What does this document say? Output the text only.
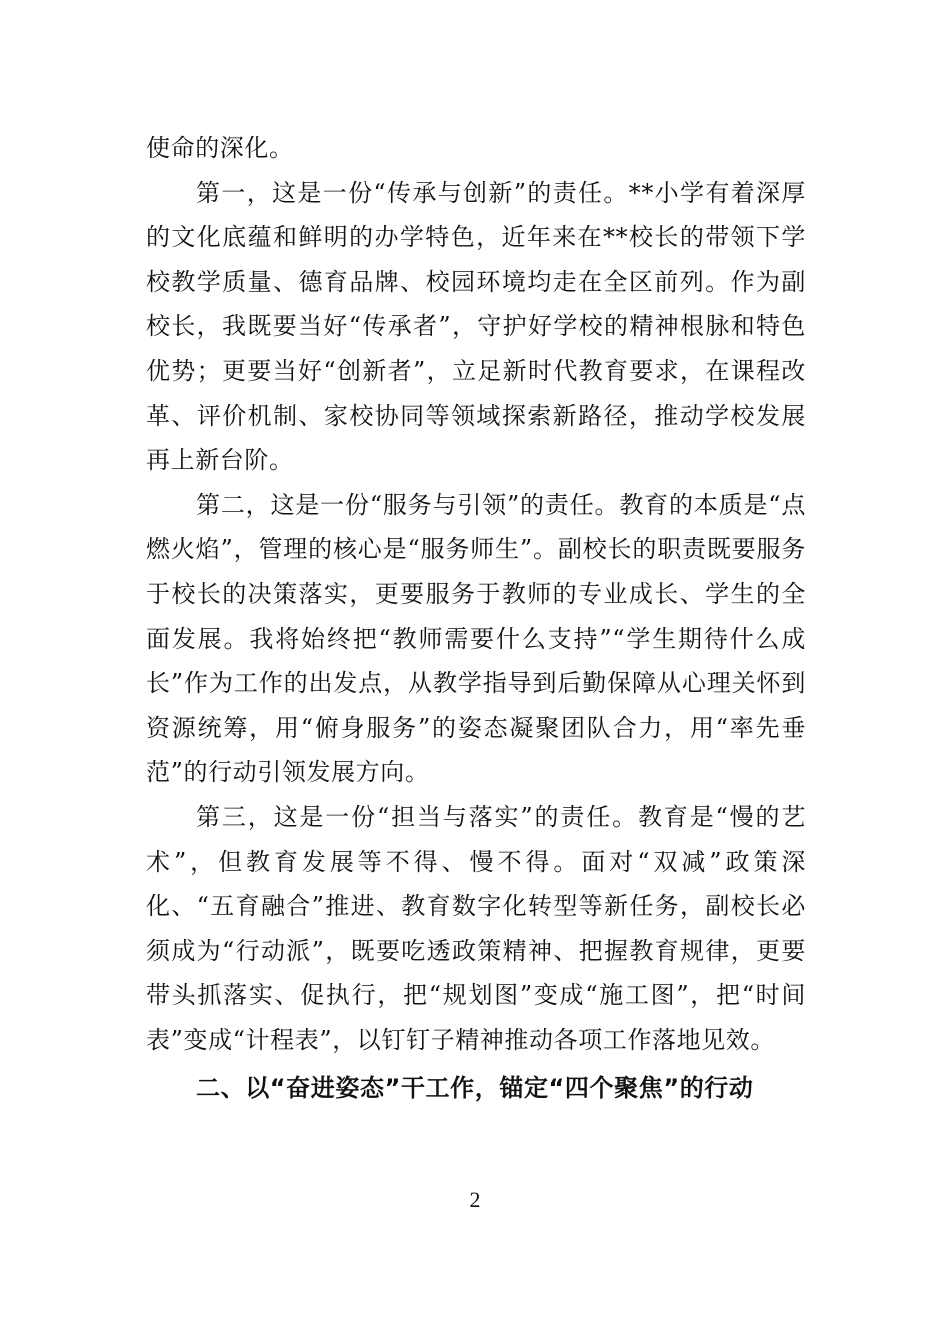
使命的深化。

第一，这是一份“传承与创新”的责任。**小学有着深厚的文化底蕴和鲜明的办学特色，近年来在**校长的带领下学校教学质量、德育品牌、校园环境均走在全区前列。作为副校长，我既要当好“传承者”，守护好学校的精神根脉和特色优势；更要当好“创新者”，立足新时代教育要求，在课程改革、评价机制、家校协同等领域探索新路径，推动学校发展再上新台阶。

第二，这是一份“服务与引领”的责任。教育的本质是“点燃火焰”，管理的核心是“服务师生”。副校长的职责既要服务于校长的决策落实，更要服务于教师的专业成长、学生的全面发展。我将始终把“教师需要什么支持”“学生期待什么成长”作为工作的出发点，从教学指导到后勤保障从心理关怀到资源统筹，用“俯身服务”的姿态凝聚团队合力，用“率先垂范”的行动引领发展方向。

第三，这是一份“担当与落实”的责任。教育是“慢的艺术”，但教育发展等不得、慢不得。面对“双减”政策深化、“五育融合”推进、教育数字化转型等新任务，副校长必须成为“行动派”，既要吃透政策精神、把握教育规律，更要带头抓落实、促执行，把“规划图”变成“施工图”，把“时间表”变成“计程表”，以钉钉子精神推动各项工作落地见效。

二、以“奋进姿态”干工作，锚定“四个聚焦”的行动

2
